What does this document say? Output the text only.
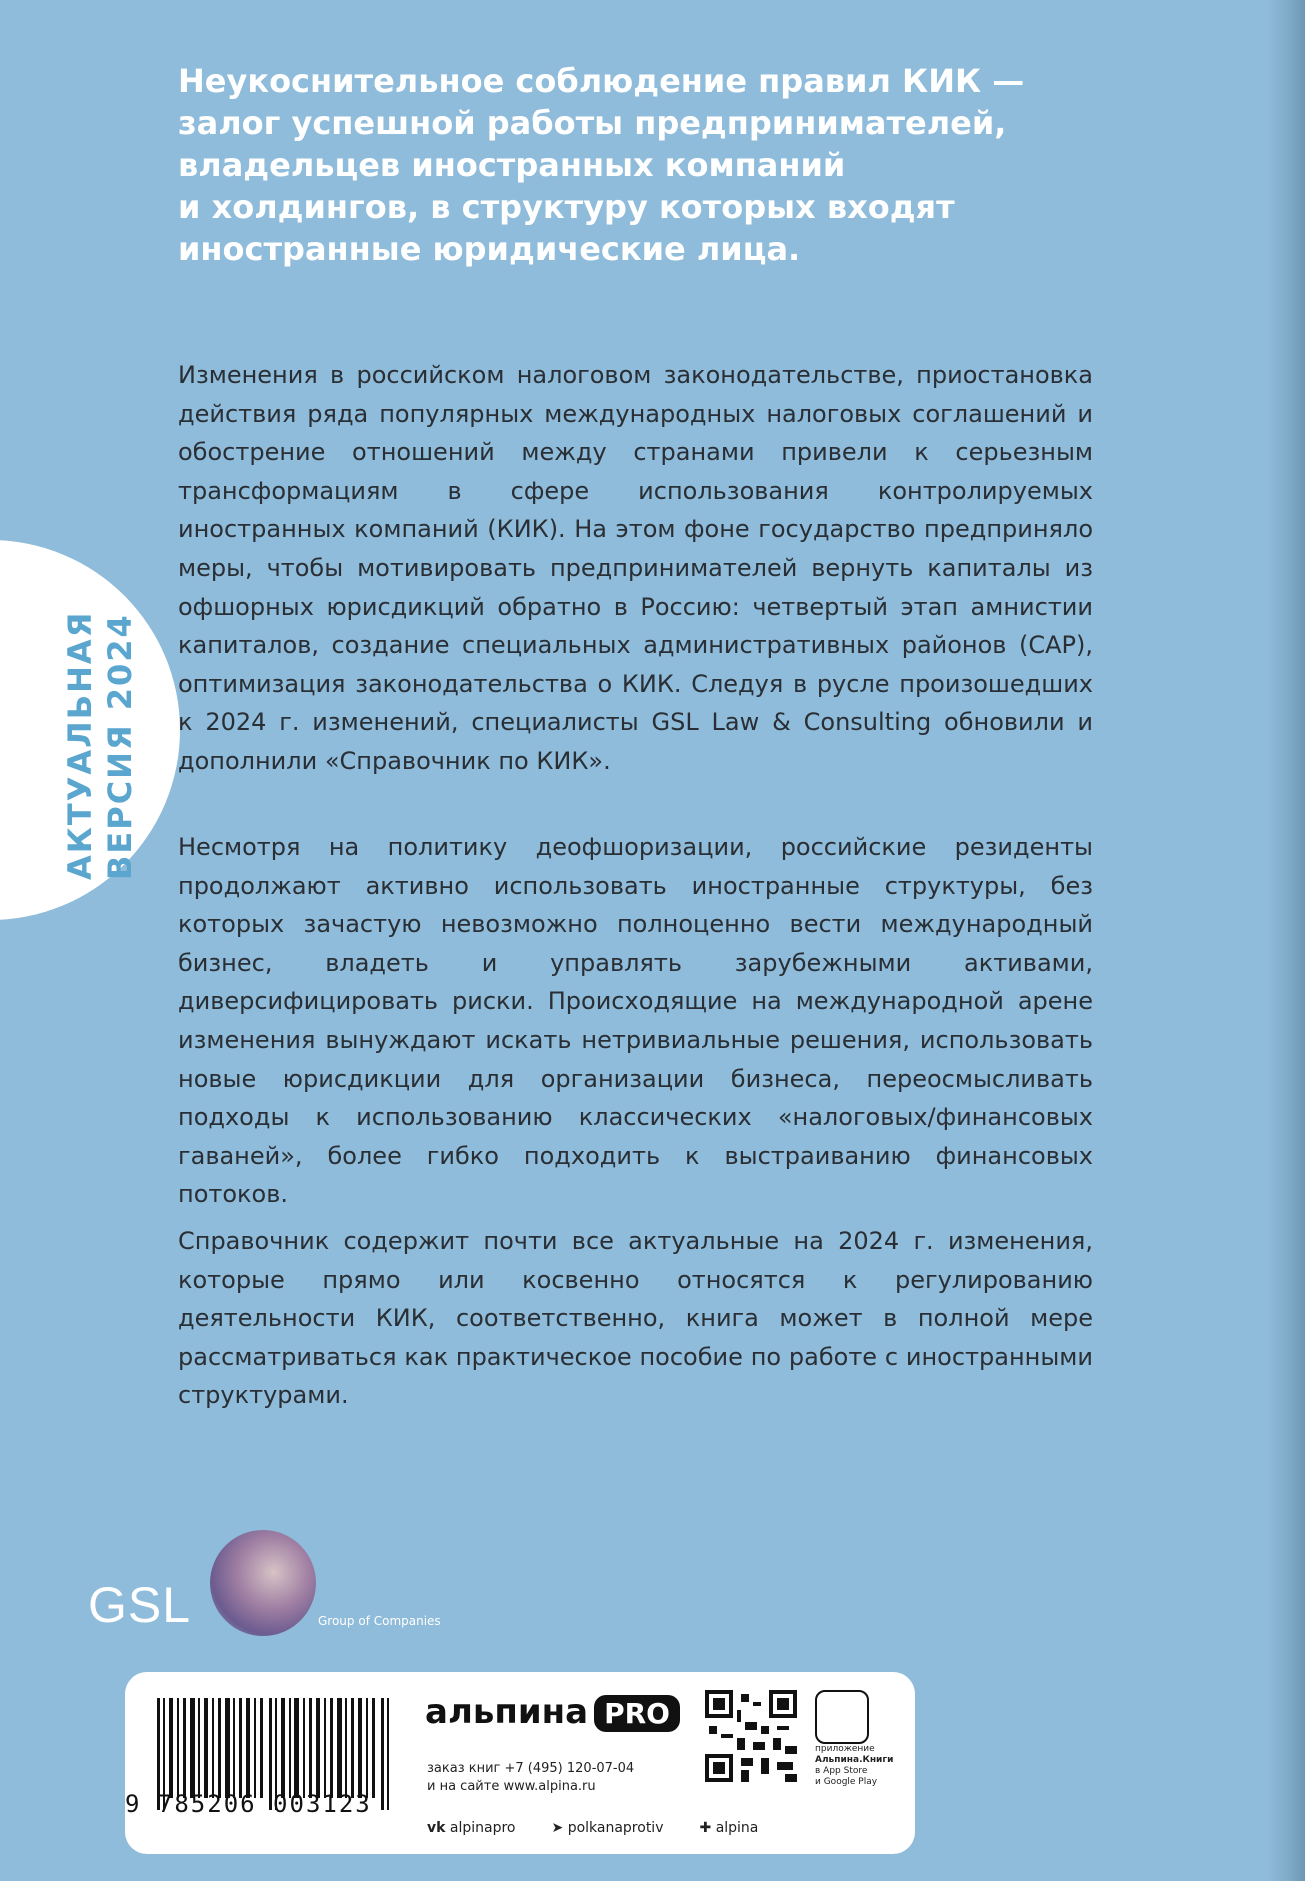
Неукоснительное соблюдение правил КИК —
залог успешной работы предпринимателей,
владельцев иностранных компаний
и холдингов, в структуру которых входят
иностранные юридические лица.
АКТУАЛЬНАЯ ВЕРСИЯ 2024

Изменения в российском налоговом законодательстве, приостановка действия ряда популярных международных налоговых соглашений и обострение отношений между странами привели к серьезным трансформациям в сфере использования контролируемых иностранных компаний (КИК). На этом фоне государство предприняло меры, чтобы мотивировать предпринимателей вернуть капиталы из офшорных юрисдикций обратно в Россию: четвертый этап амнистии капиталов, создание специальных административных районов (САР), оптимизация законодательства о КИК. Следуя в русле произошедших к 2024 г. изменений, специалисты GSL Law & Consulting обновили и дополнили «Справочник по КИК».

Несмотря на политику деофшоризации, российские резиденты продолжают активно использовать иностранные структуры, без которых зачастую невозможно полноценно вести международный бизнес, владеть и управлять зарубежными активами, диверсифицировать риски. Происходящие на международной арене изменения вынуждают искать нетривиальные решения, использовать новые юрисдикции для организации бизнеса, переосмысливать подходы к использованию классических «налоговых/финансовых гаваней», более гибко подходить к выстраиванию финансовых потоков.

Справочник содержит почти все актуальные на 2024 г. изменения, которые прямо или косвенно относятся к регулированию деятельности КИК, соответственно, книга может в полной мере рассматриваться как практическое пособие по работе с иностранными структурами.

GSL	Group of Companies
9 785206 003123
альпина PRO
заказ книг +7 (495) 120-07-04
и на сайте www.alpina.ru
приложение
Альпина.Книги
в App Store
и Google Play
vk alpinapro	➤ polkanaprotiv	✚ alpina
